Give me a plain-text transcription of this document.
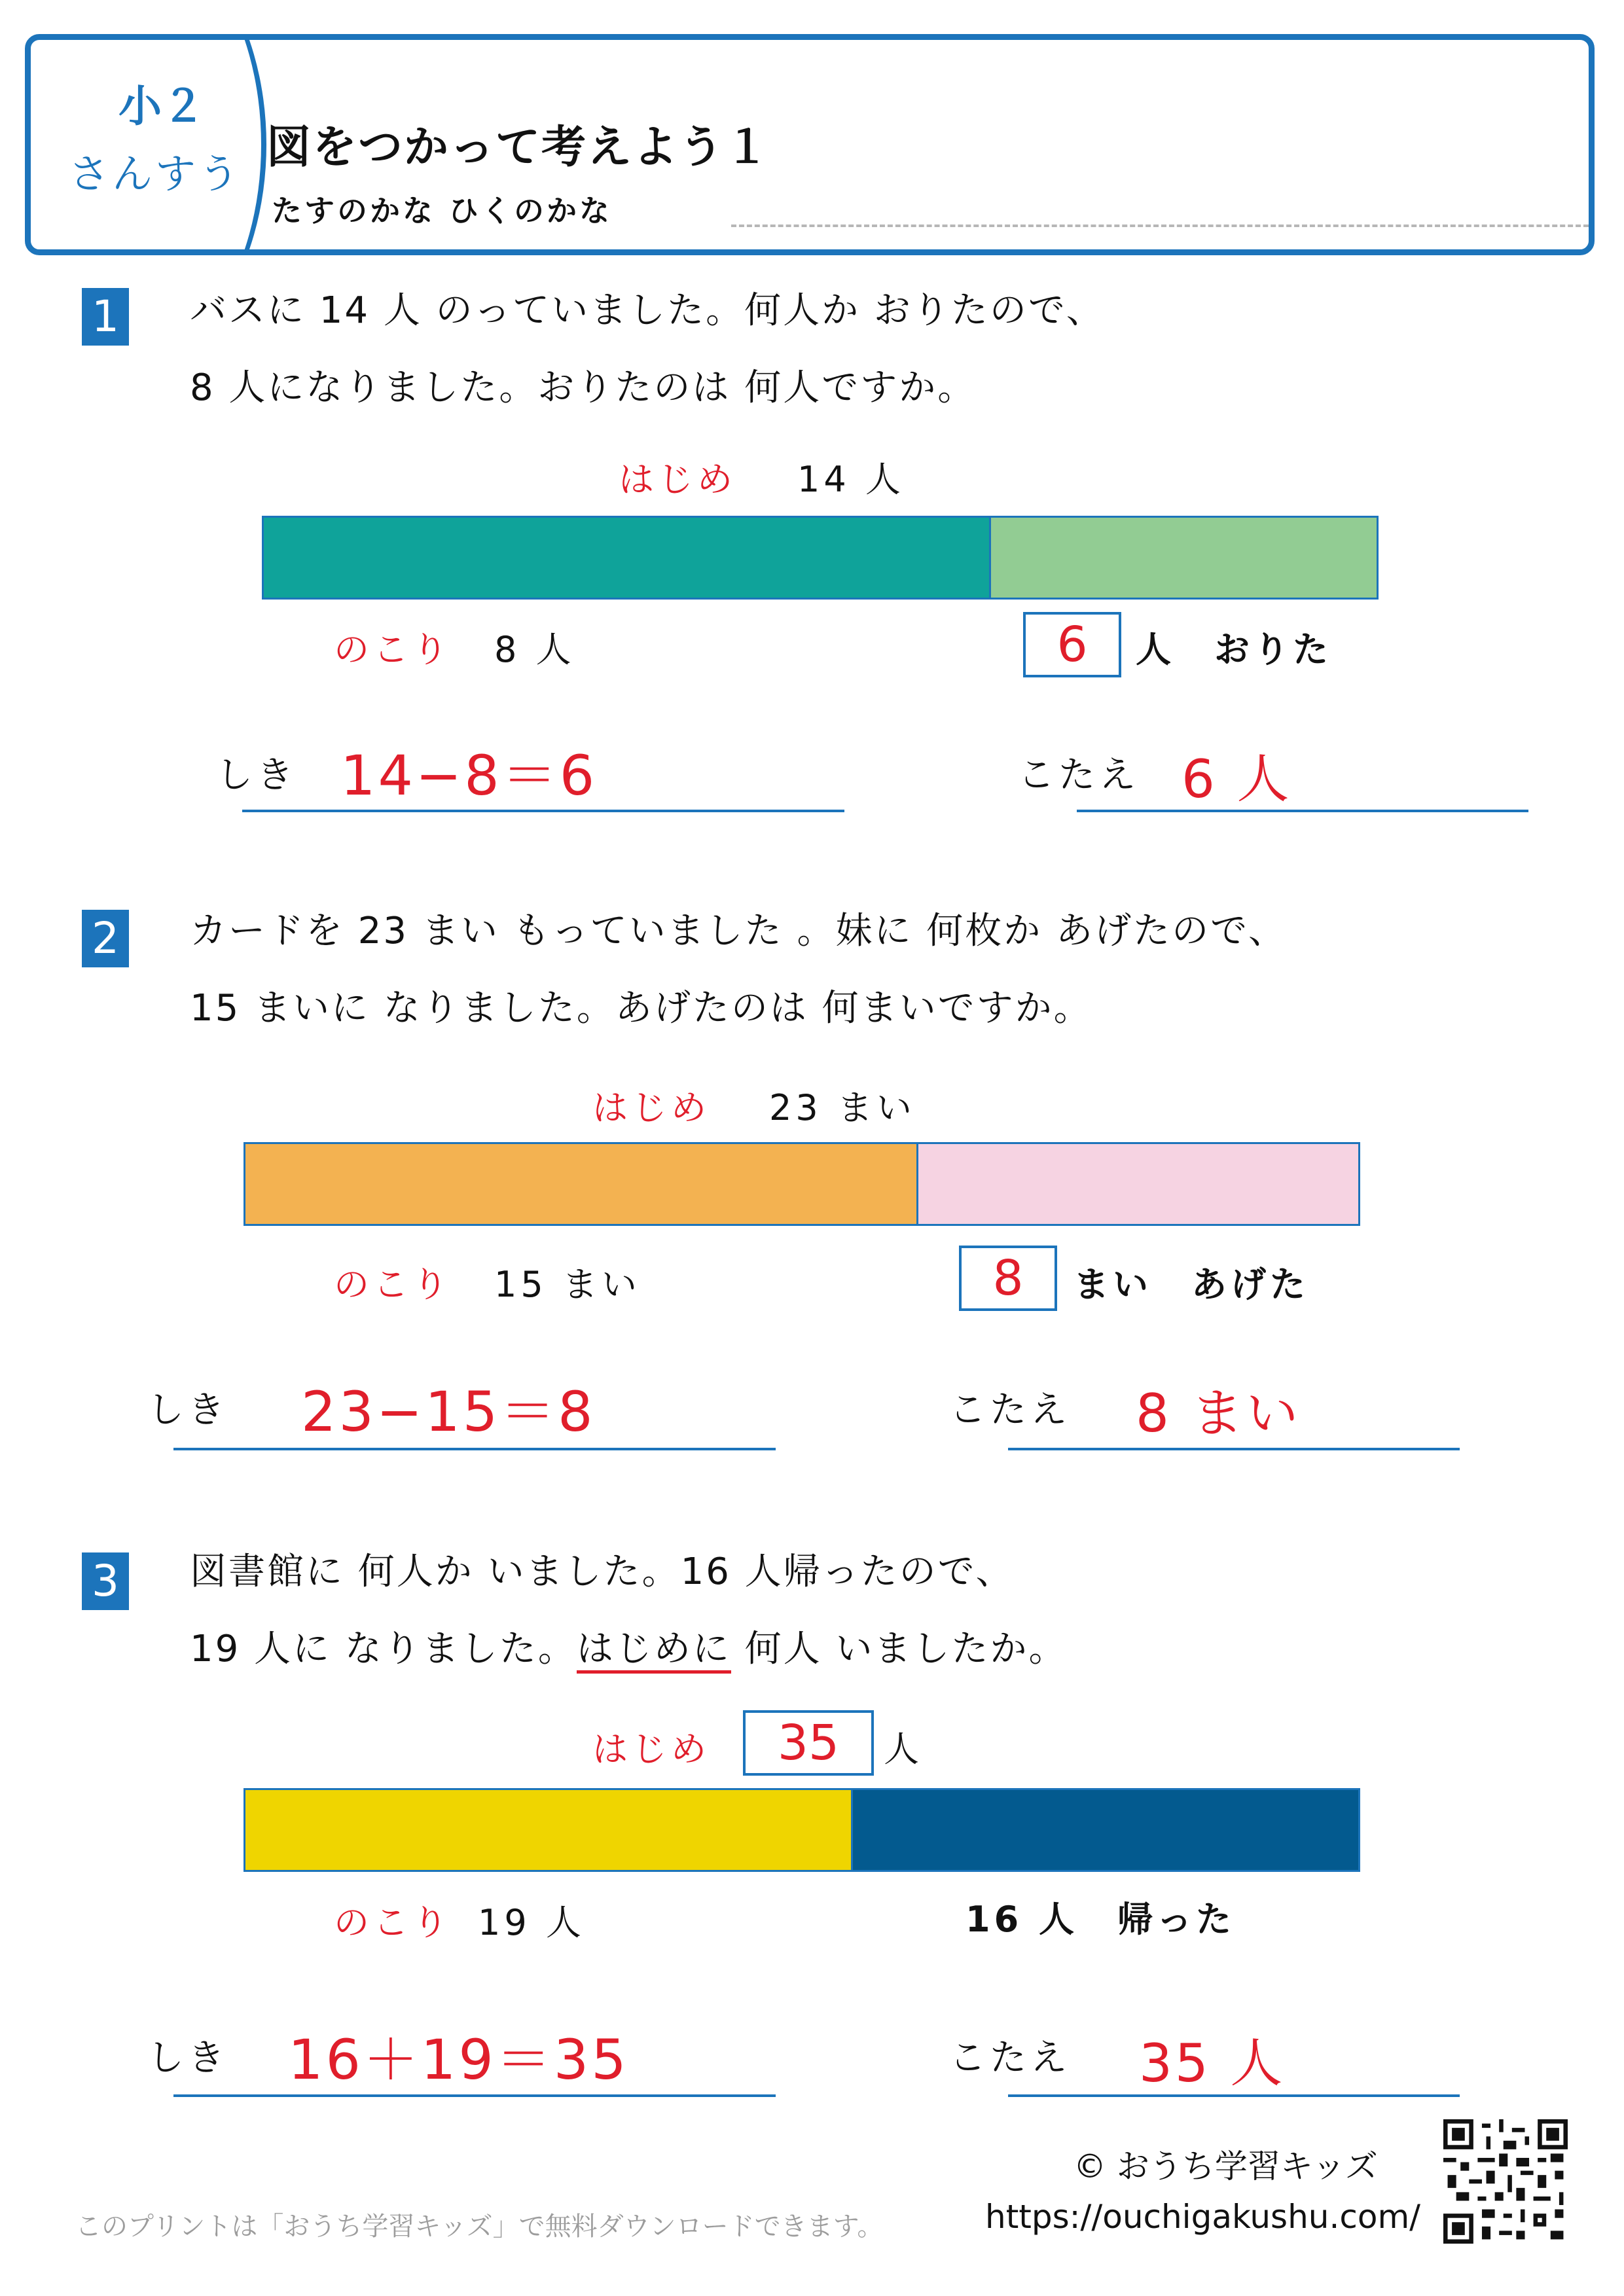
小２
さんすう
図をつかって考えよう１
たすのかな ひくのかな
1 バスに 14 人 のっていました。何人か おりたので、
8 人になりました。おりたのは 何人ですか。
はじめ 14 人
のこり 8 人	6	人　おりた
しき 14−8＝6	こたえ 6 人
2 カードを 23 まい もっていました 。妹に 何枚か あげたので、
15 まいに なりました。あげたのは 何まいですか。
はじめ 23 まい
のこり 15 まい	8	まい　あげた
しき 23−15＝8	こたえ 8 まい
3 図書館に 何人か いました。16 人帰ったので、
19 人に なりました。はじめに 何人 いましたか。
はじめ	35	人
のこり 19 人	16 人　帰った
しき 16＋19＝35	こたえ 35 人
© おうち学習キッズ
https://ouchigakushu.com/
このプリントは「おうち学習キッズ」で無料ダウンロードできます。
